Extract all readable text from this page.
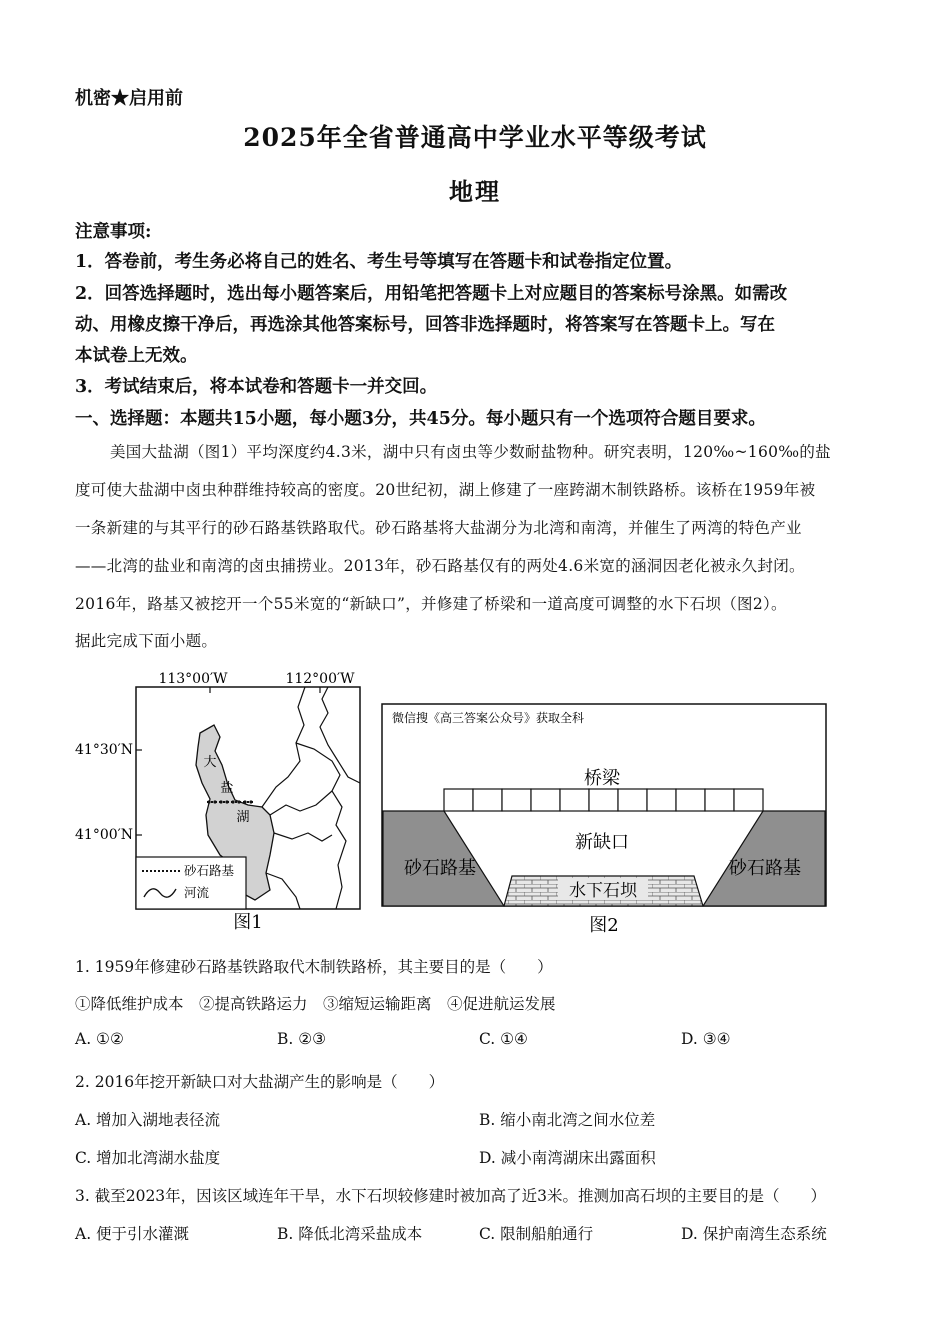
机密★启用前
2025年全省普通高中学业水平等级考试
地理
注意事项:
1．答卷前，考生务必将自己的姓名、考生号等填写在答题卡和试卷指定位置。
2．回答选择题时，选出每小题答案后，用铅笔把答题卡上对应题目的答案标号涂黑。如需改
动、用橡皮擦干净后，再选涂其他答案标号，回答非选择题时，将答案写在答题卡上。写在
本试卷上无效。
3．考试结束后，将本试卷和答题卡一并交回。
一、选择题：本题共15小题，每小题3分，共45分。每小题只有一个选项符合题目要求。
美国大盐湖（图1）平均深度约4.3米，湖中只有卤虫等少数耐盐物种。研究表明，120‰~160‰的盐
度可使大盐湖中卤虫种群维持较高的密度。20世纪初，湖上修建了一座跨湖木制铁路桥。该桥在1959年被
一条新建的与其平行的砂石路基铁路取代。砂石路基将大盐湖分为北湾和南湾，并催生了两湾的特色产业
——北湾的盐业和南湾的卤虫捕捞业。2013年，砂石路基仅有的两处4.6米宽的涵洞因老化被永久封闭。
2016年，路基又被挖开一个55米宽的“新缺口”，并修建了桥梁和一道高度可调整的水下石坝（图2）。
据此完成下面小题。
113°00′W	112°00′W
41°30′N
41°00′N
大
盐
湖
砂石路基
河流
图1
微信搜《高三答案公众号》获取全科
桥梁
砂石路基	砂石路基
新缺口
水下石坝
图2
1. 1959年修建砂石路基铁路取代木制铁路桥，其主要目的是（　　）
①降低维护成本　②提高铁路运力　③缩短运输距离　④促进航运发展
A. ①②	B. ②③	C. ①④	D. ③④
2. 2016年挖开新缺口对大盐湖产生的影响是（　　）
A. 增加入湖地表径流	B. 缩小南北湾之间水位差
C. 增加北湾湖水盐度	D. 减小南湾湖床出露面积
3. 截至2023年，因该区域连年干旱，水下石坝较修建时被加高了近3米。推测加高石坝的主要目的是（　　）
A. 便于引水灌溉	B. 降低北湾采盐成本	C. 限制船舶通行	D. 保护南湾生态系统
